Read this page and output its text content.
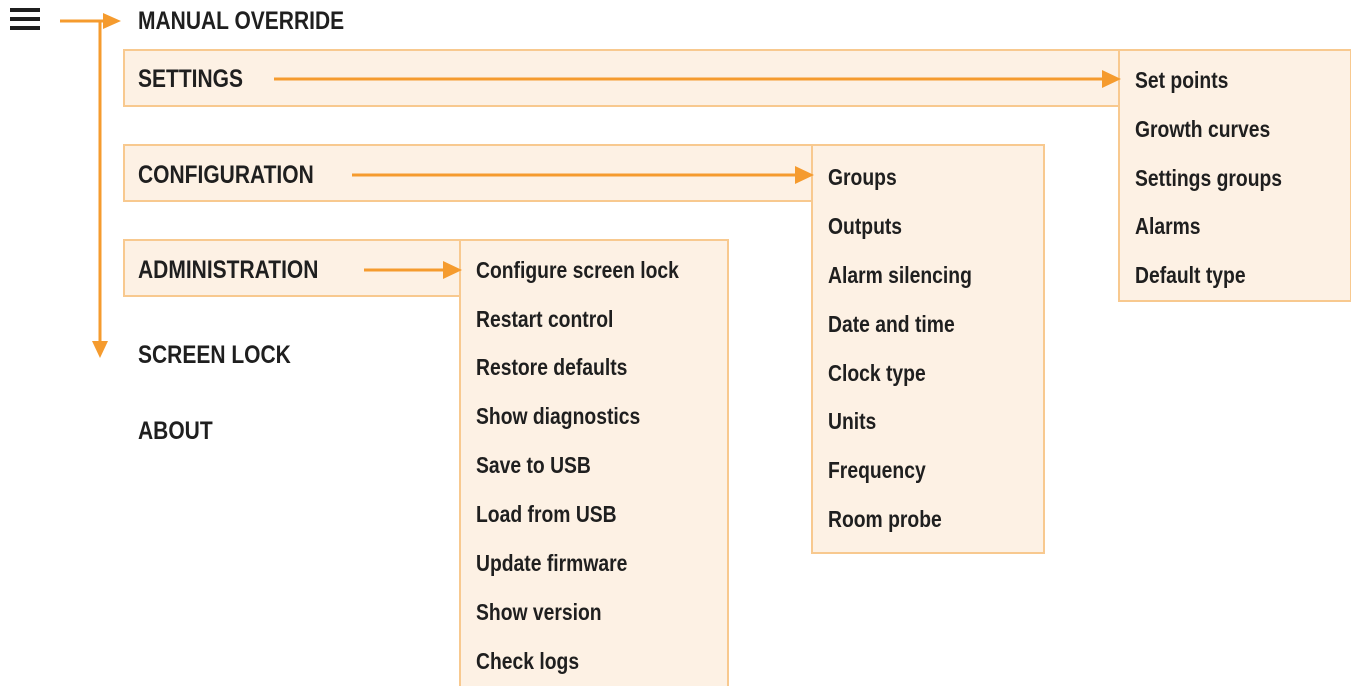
MANUAL OVERRIDE
SETTINGS
CONFIGURATION
ADMINISTRATION
SCREEN LOCK
ABOUT
Set points
Growth curves
Settings groups
Alarms
Default type
Groups
Outputs
Alarm silencing
Date and time
Clock type
Units
Frequency
Room probe
Configure screen lock
Restart control
Restore defaults
Show diagnostics
Save to USB
Load from USB
Update firmware
Show version
Check logs
